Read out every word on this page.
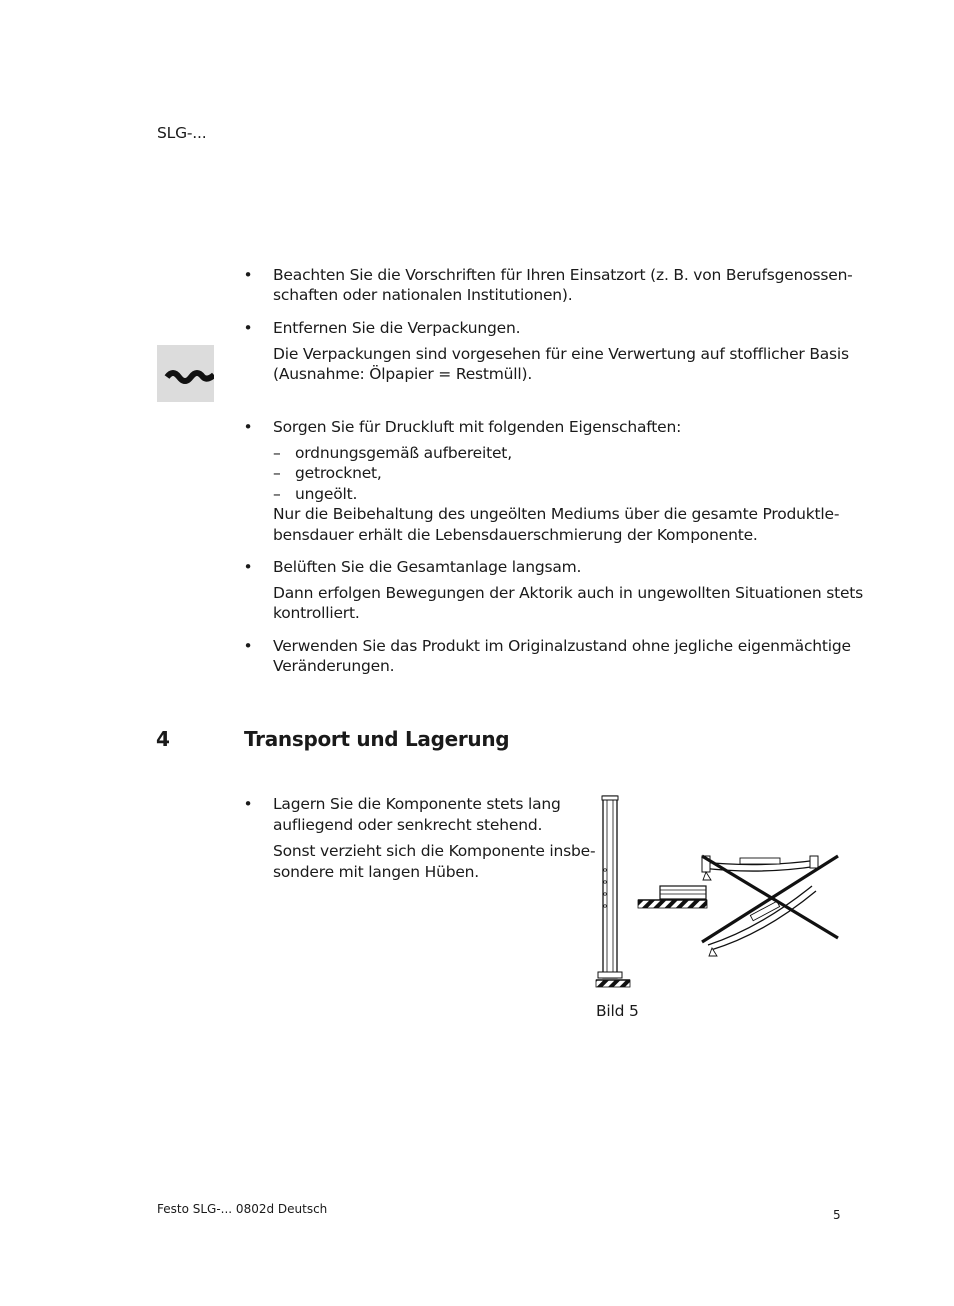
SLG-...
• Beachten Sie die Vorschriften für Ihren Einsatzort (z. B. von Berufsgenossen-
schaften oder nationalen Institutionen).
• Entfernen Sie die Verpackungen.
Die Verpackungen sind vorgesehen für eine Verwertung auf stofflicher Basis
(Ausnahme: Ölpapier = Restmüll).
• Sorgen Sie für Druckluft mit folgenden Eigenschaften:
– ordnungsgemäß aufbereitet,
– getrocknet,
– ungeölt.
Nur die Beibehaltung des ungeölten Mediums über die gesamte Produktle-
bensdauer erhält die Lebensdauerschmierung der Komponente.
• Belüften Sie die Gesamtanlage langsam.
Dann erfolgen Bewegungen der Aktorik auch in ungewollten Situationen stets
kontrolliert.
• Verwenden Sie das Produkt im Originalzustand ohne jegliche eigenmächtige
Veränderungen.
4	Transport und Lagerung
• Lagern Sie die Komponente stets lang
aufliegend oder senkrecht stehend.
Sonst verzieht sich die Komponente insbe-
sondere mit langen Hüben.
Bild 5
Festo SLG-... 0802d Deutsch	5
